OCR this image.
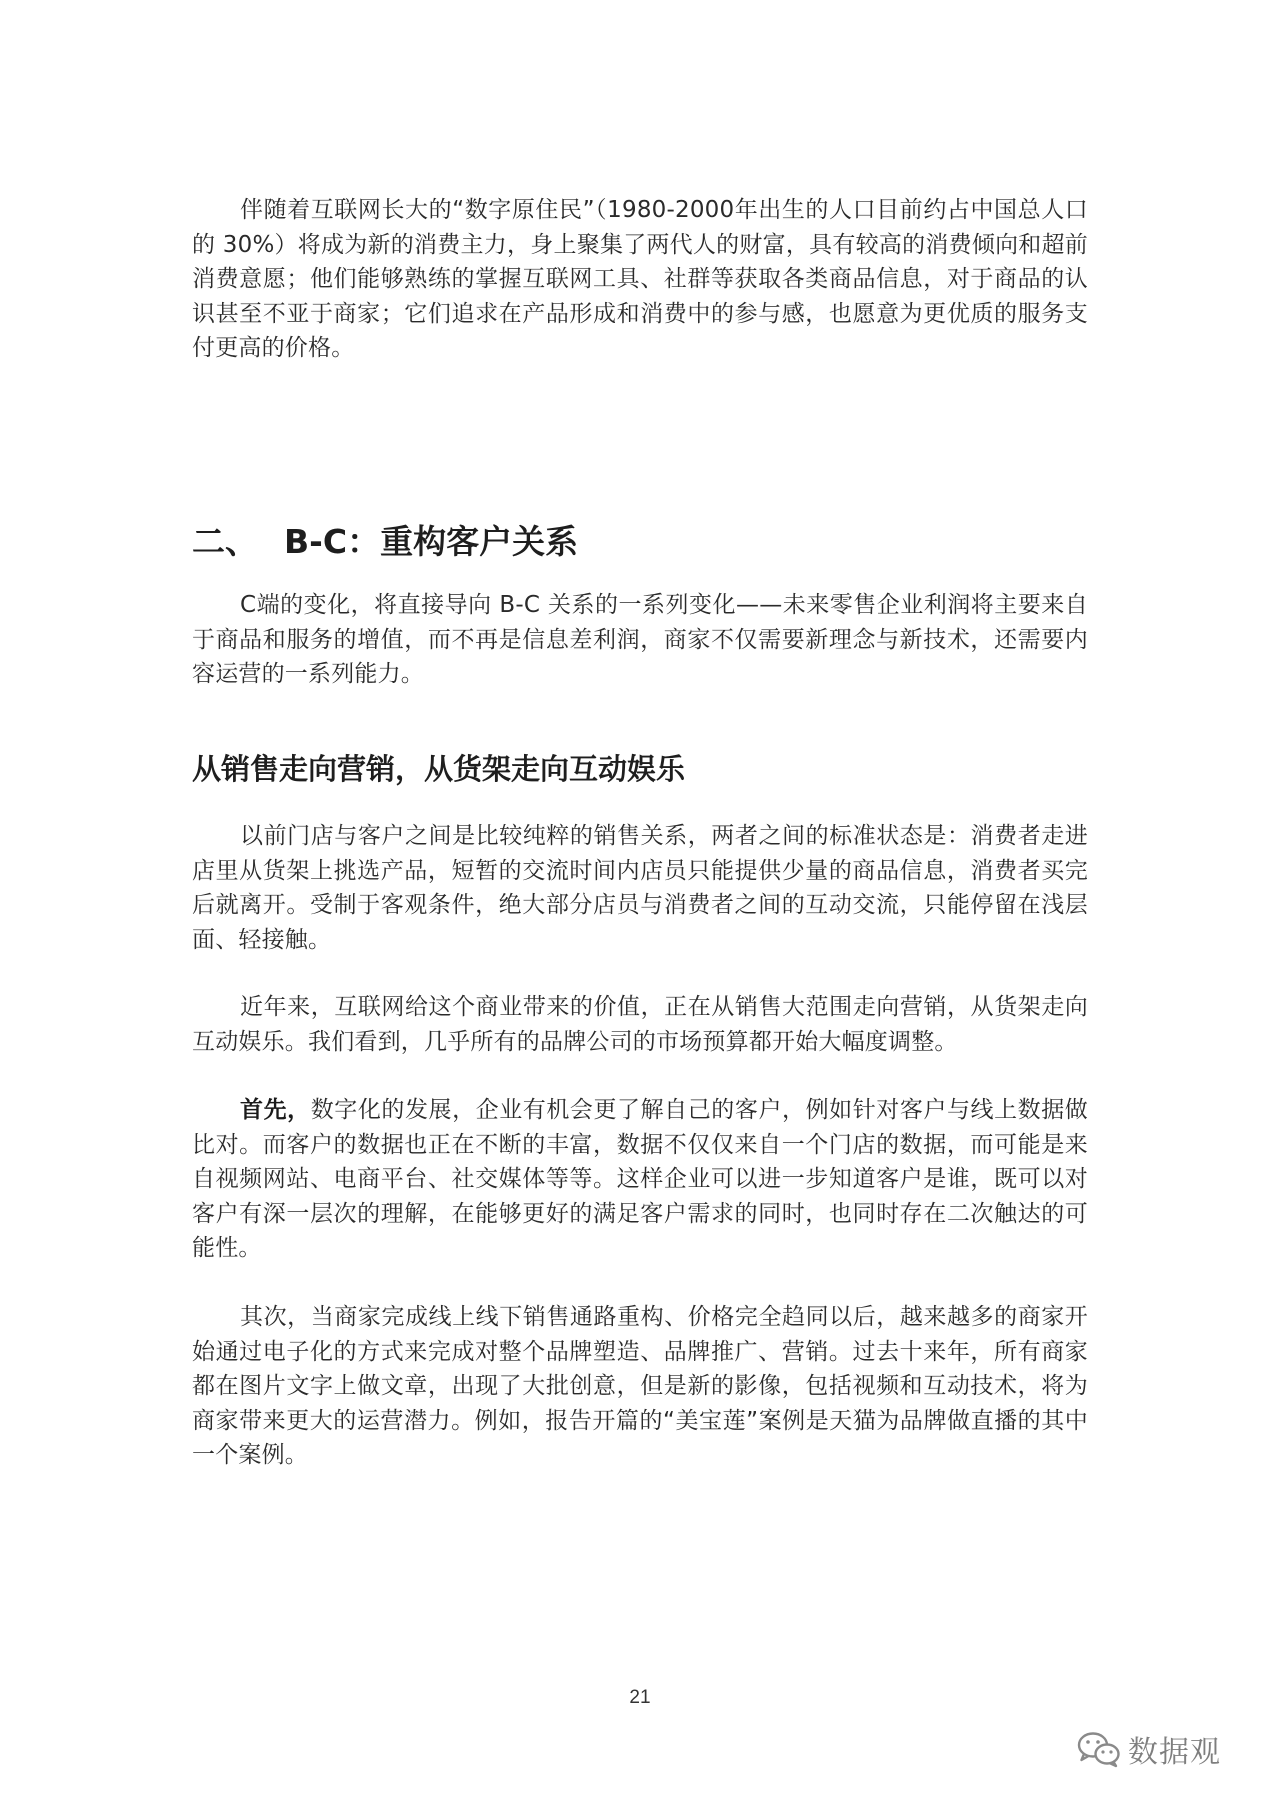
伴随着互联网长大的“数字原住民”（1980-2000年出生的人口目前约占中国总人口的 30%）将成为新的消费主力，身上聚集了两代人的财富，具有较高的消费倾向和超前消费意愿；他们能够熟练的掌握互联网工具、社群等获取各类商品信息，对于商品的认识甚至不亚于商家；它们追求在产品形成和消费中的参与感，也愿意为更优质的服务支付更高的价格。

二、 B-C：重构客户关系

C端的变化，将直接导向 B-C 关系的一系列变化——未来零售企业利润将主要来自于商品和服务的增值，而不再是信息差利润，商家不仅需要新理念与新技术，还需要内容运营的一系列能力。

从销售走向营销，从货架走向互动娱乐

以前门店与客户之间是比较纯粹的销售关系，两者之间的标准状态是：消费者走进店里从货架上挑选产品，短暂的交流时间内店员只能提供少量的商品信息，消费者买完后就离开。受制于客观条件，绝大部分店员与消费者之间的互动交流，只能停留在浅层面、轻接触。

近年来，互联网给这个商业带来的价值，正在从销售大范围走向营销，从货架走向互动娱乐。我们看到，几乎所有的品牌公司的市场预算都开始大幅度调整。

首先，数字化的发展，企业有机会更了解自己的客户，例如针对客户与线上数据做比对。而客户的数据也正在不断的丰富，数据不仅仅来自一个门店的数据，而可能是来自视频网站、电商平台、社交媒体等等。这样企业可以进一步知道客户是谁，既可以对客户有深一层次的理解，在能够更好的满足客户需求的同时，也同时存在二次触达的可能性。

其次，当商家完成线上线下销售通路重构、价格完全趋同以后，越来越多的商家开始通过电子化的方式来完成对整个品牌塑造、品牌推广、营销。过去十来年，所有商家都在图片文字上做文章，出现了大批创意，但是新的影像，包括视频和互动技术，将为商家带来更大的运营潜力。例如，报告开篇的“美宝莲”案例是天猫为品牌做直播的其中一个案例。

21
数据观
